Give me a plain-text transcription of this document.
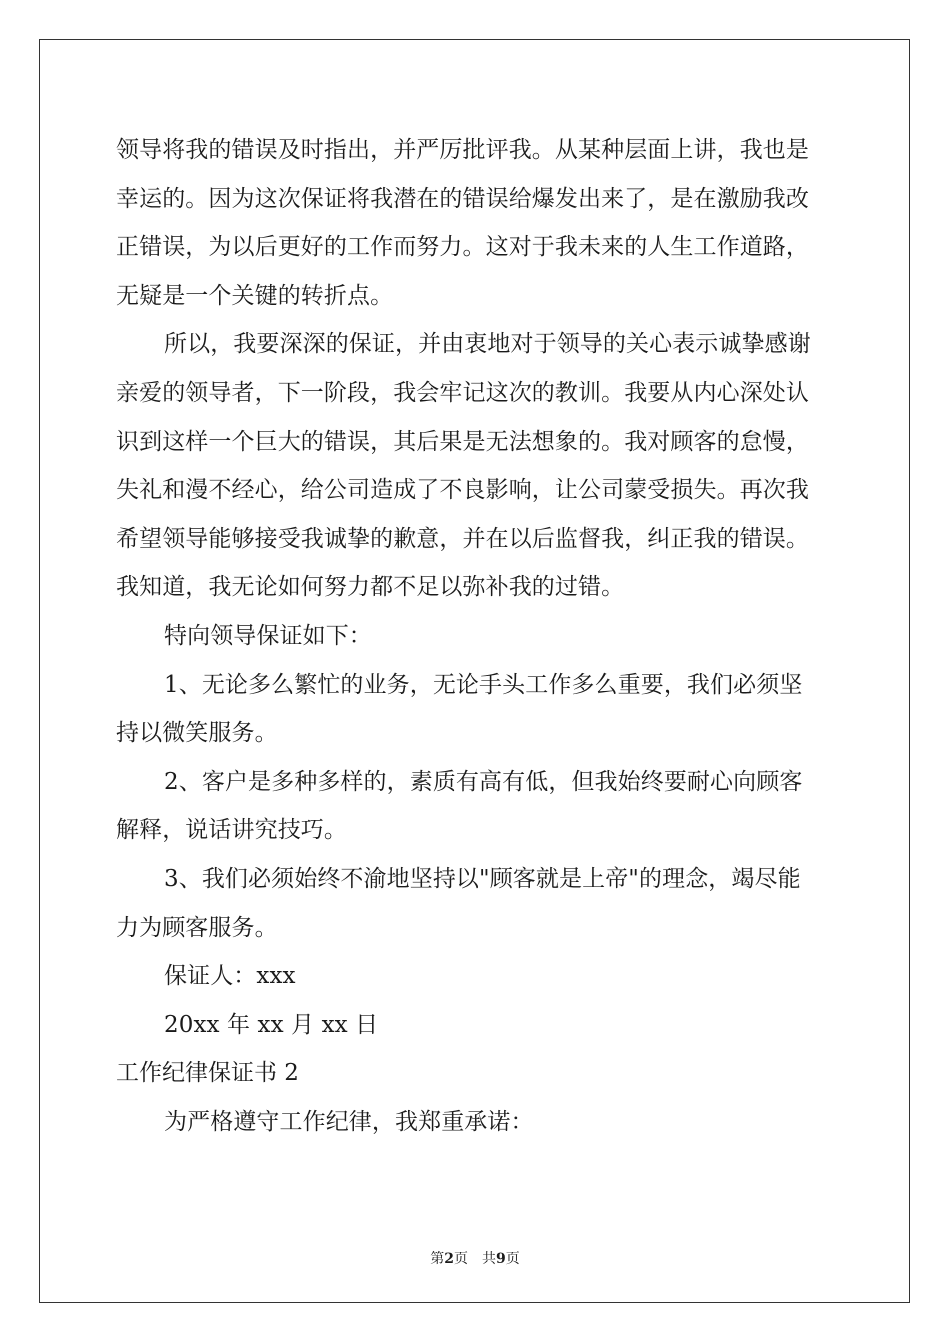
领导将我的错误及时指出，并严厉批评我。从某种层面上讲，我也是

幸运的。因为这次保证将我潜在的错误给爆发出来了，是在激励我改

正错误，为以后更好的工作而努力。这对于我未来的人生工作道路，

无疑是一个关键的转折点。

所以，我要深深的保证，并由衷地对于领导的关心表示诚挚感谢

亲爱的领导者，下一阶段，我会牢记这次的教训。我要从内心深处认

识到这样一个巨大的错误，其后果是无法想象的。我对顾客的怠慢，

失礼和漫不经心，给公司造成了不良影响，让公司蒙受损失。再次我

希望领导能够接受我诚挚的歉意，并在以后监督我，纠正我的错误。

我知道，我无论如何努力都不足以弥补我的过错。

特向领导保证如下：

1、无论多么繁忙的业务，无论手头工作多么重要，我们必须坚

持以微笑服务。

2、客户是多种多样的，素质有高有低，但我始终要耐心向顾客

解释，说话讲究技巧。

3、我们必须始终不渝地坚持以"顾客就是上帝"的理念，竭尽能

力为顾客服务。

保证人：xxx

20xx 年 xx 月 xx 日

工作纪律保证书 2

为严格遵守工作纪律，我郑重承诺：

第2页　共9页
